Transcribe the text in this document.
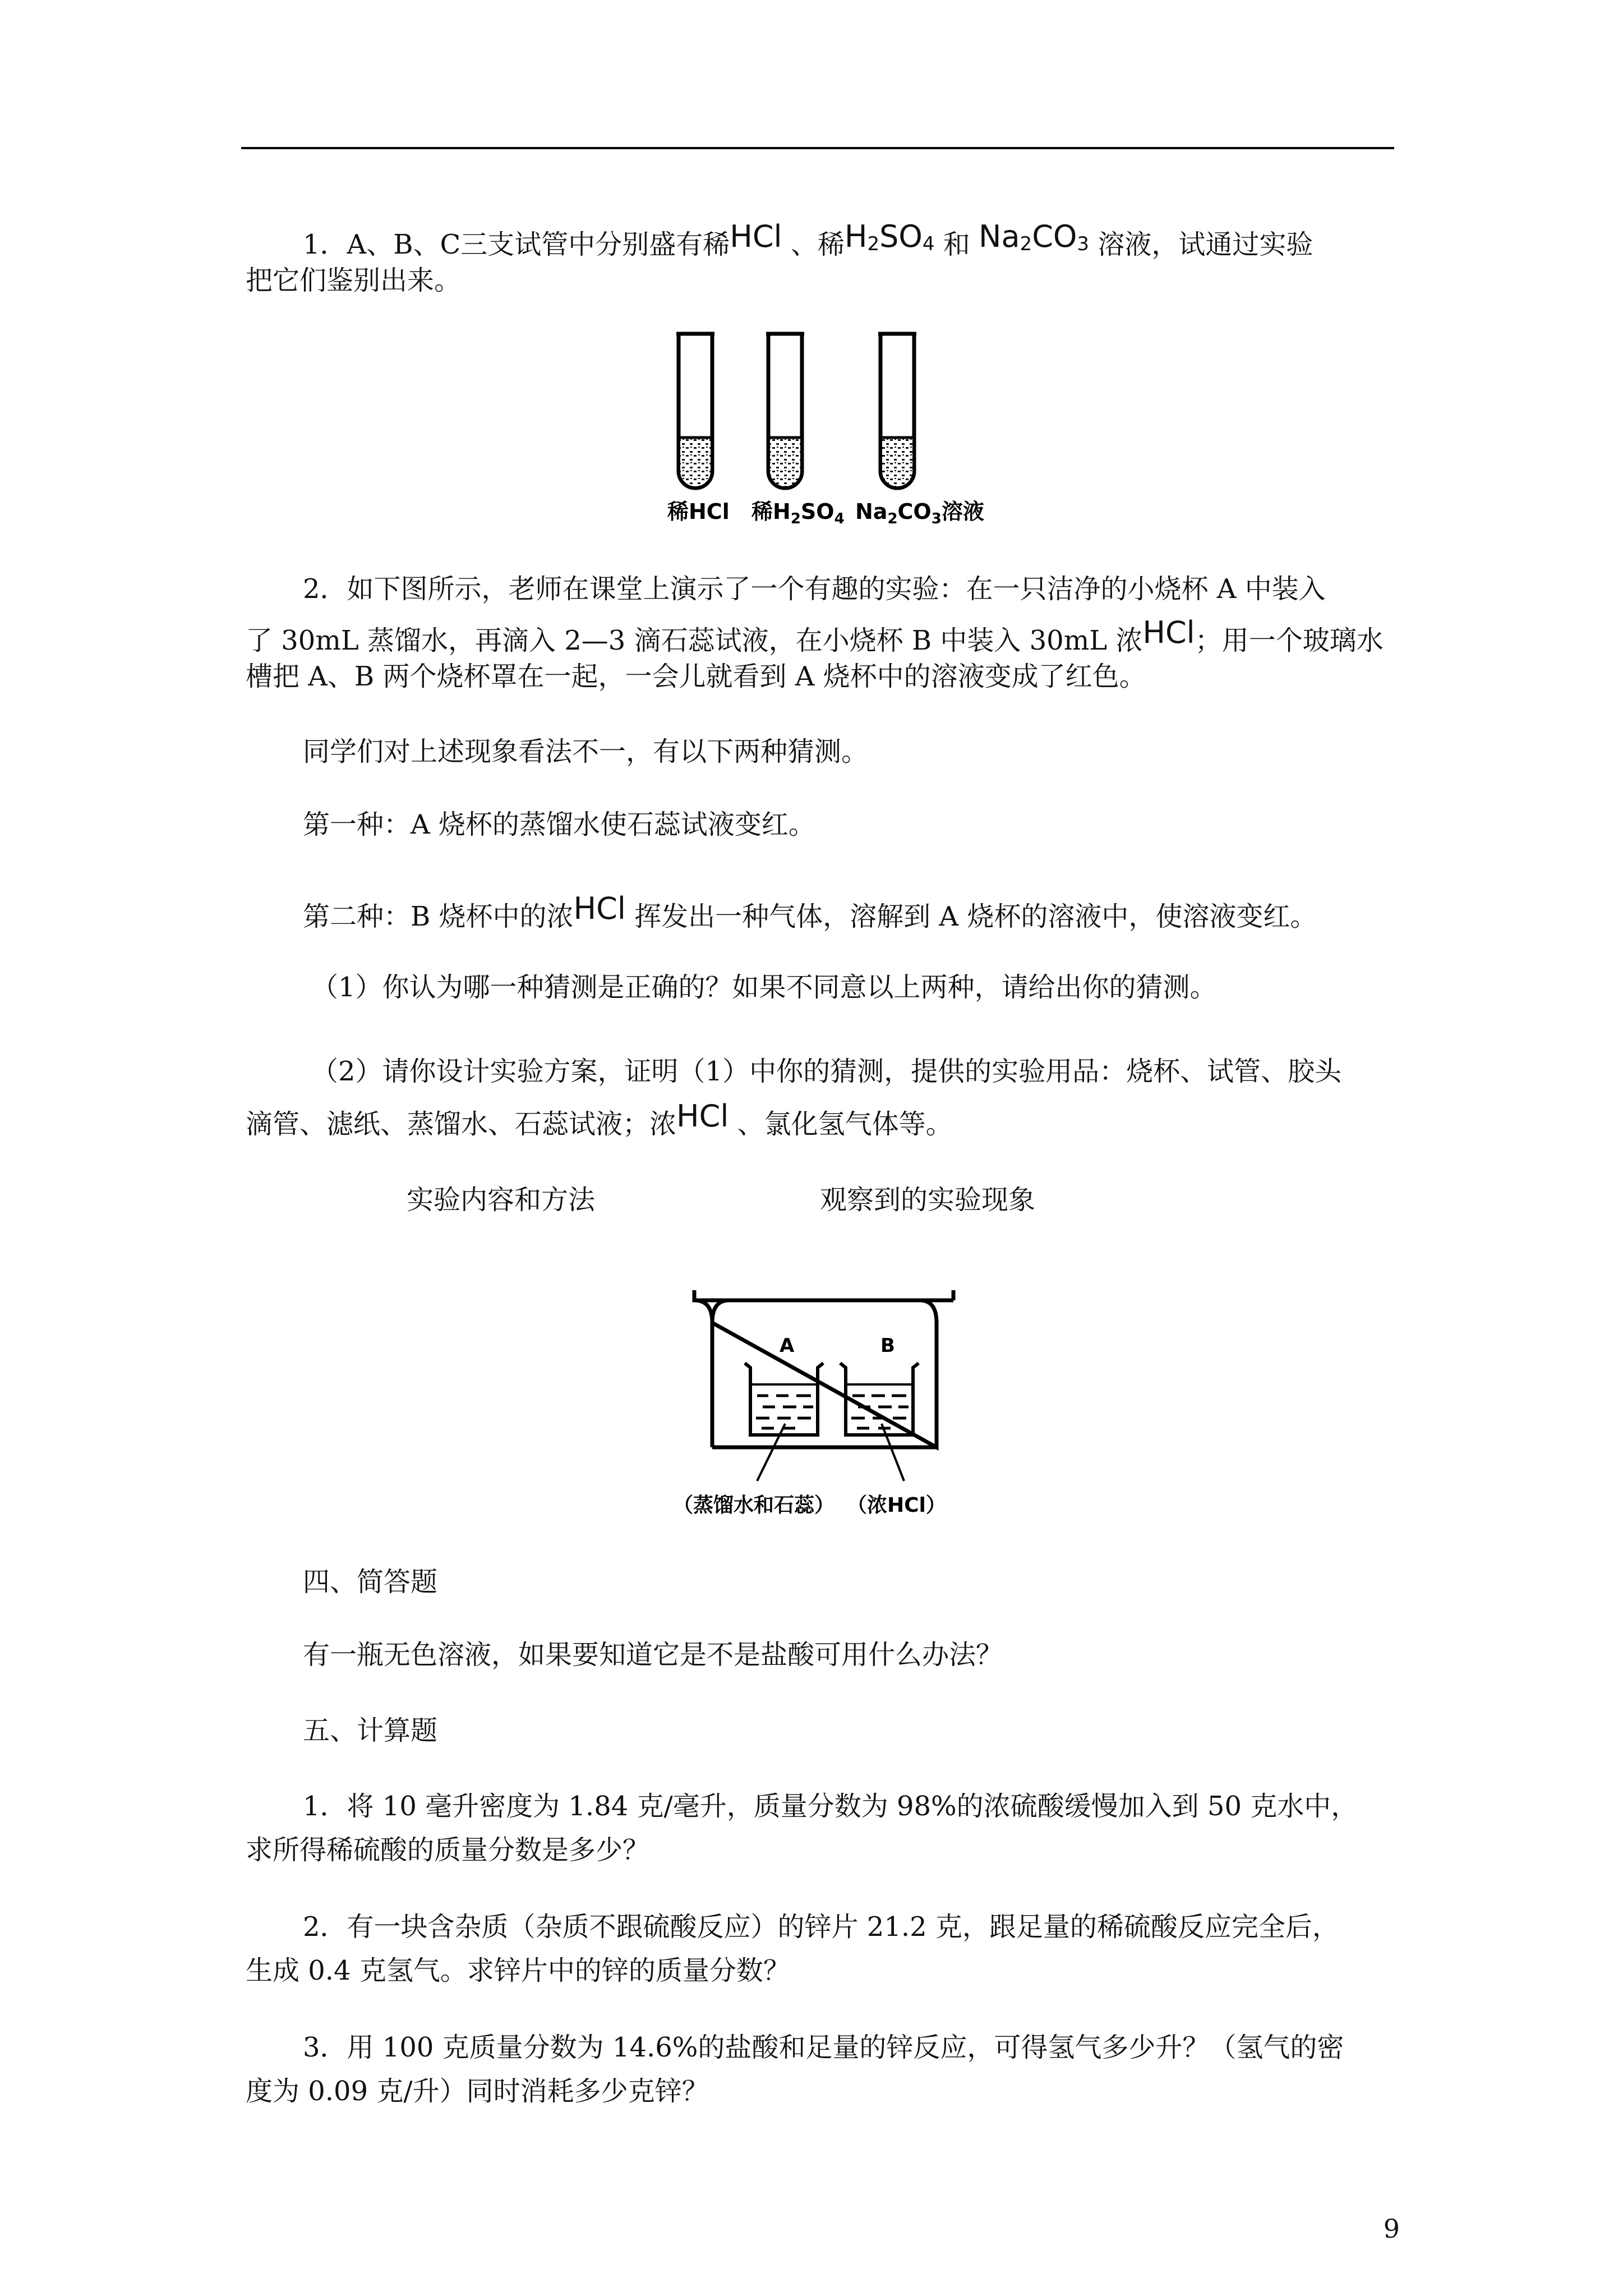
1．A、B、C三支试管中分别盛有稀HCl 、稀$H_2SO_4$ 和 $Na_2CO_3$ 溶液，试通过实验

把它们鉴别出来。

稀HCl 稀$H_2SO_4$ $Na_2CO_3$溶液

2．如下图所示，老师在课堂上演示了一个有趣的实验：在一只洁净的小烧杯 A 中装入

了 30mL 蒸馏水，再滴入 2—3 滴石蕊试液，在小烧杯 B 中装入 30mL 浓HCl；用一个玻璃水

槽把 A、B 两个烧杯罩在一起，一会儿就看到 A 烧杯中的溶液变成了红色。

同学们对上述现象看法不一，有以下两种猜测。

第一种：A 烧杯的蒸馏水使石蕊试液变红。

第二种：B 烧杯中的浓HCl 挥发出一种气体，溶解到 A 烧杯的溶液中，使溶液变红。

（1）你认为哪一种猜测是正确的？如果不同意以上两种，请给出你的猜测。

（2）请你设计实验方案，证明（1）中你的猜测，提供的实验用品：烧杯、试管、胶头

滴管、滤纸、蒸馏水、石蕊试液；浓HCl 、氯化氢气体等。

实验内容和方法	观察到的实验现象
A	B
（蒸馏水和石蕊） （浓HCl）

四、简答题

有一瓶无色溶液，如果要知道它是不是盐酸可用什么办法？

五、计算题

1．将 10 毫升密度为 1.84 克/毫升，质量分数为 98%的浓硫酸缓慢加入到 50 克水中，

求所得稀硫酸的质量分数是多少？

2．有一块含杂质（杂质不跟硫酸反应）的锌片 21.2 克，跟足量的稀硫酸反应完全后，

生成 0.4 克氢气。求锌片中的锌的质量分数？

3．用 100 克质量分数为 14.6%的盐酸和足量的锌反应，可得氢气多少升？（氢气的密

度为 0.09 克/升）同时消耗多少克锌？

9
